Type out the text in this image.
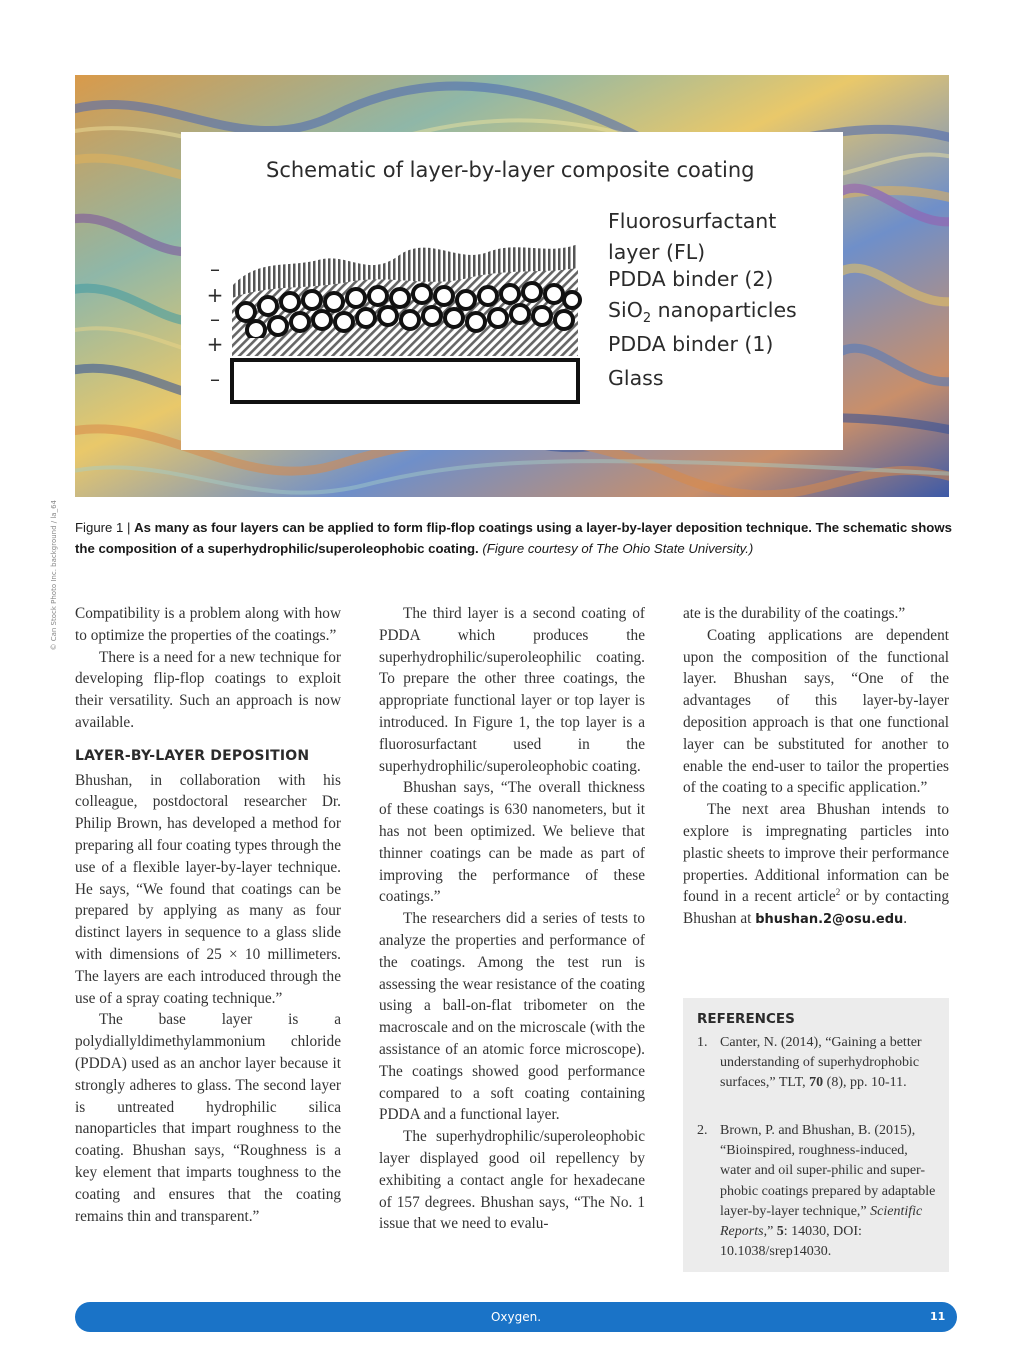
© Can Stock Photo Inc. background / la_64
Schematic of layer-by-layer composite coating
–
+
–
+
–
Fluorosurfactant
layer (FL)
PDDA binder (2)
SiO$_2$ nanoparticles
PDDA binder (1)
Glass
Figure 1 | As many as four layers can be applied to form flip-flop coatings using a layer-by-layer deposition technique. The schematic shows the composition of a superhydrophilic/superoleophobic coating. (Figure courtesy of The Ohio State University.)

Compatibility is a problem along with how to optimize the properties of the coatings.”

There is a need for a new technique for developing flip-flop coatings to exploit their versatility. Such an approach is now available.

LAYER-BY-LAYER DEPOSITION

Bhushan, in collaboration with his colleague, postdoctoral researcher Dr. Philip Brown, has developed a method for preparing all four coating types through the use of a flexible layer-by-layer technique. He says, “We found that coatings can be prepared by applying as many as four distinct layers in sequence to a glass slide with dimensions of 25 × 10 millimeters. The layers are each introduced through the use of a spray coating technique.”

The base layer is a polydiallyldimethylammonium chloride (PDDA) used as an anchor layer because it strongly adheres to glass. The second layer is untreated hydrophilic silica nanoparticles that impart roughness to the coating. Bhushan says, “Roughness is a key element that imparts toughness to the coating and ensures that the coating remains thin and transparent.”

The third layer is a second coating of PDDA which produces the superhydrophilic/superoleophilic coating. To prepare the other three coatings, the appropriate functional layer or top layer is introduced. In Figure 1, the top layer is a fluorosurfactant used in the superhydrophilic/superoleophobic coating.

Bhushan says, “The overall thickness of these coatings is 630 nanometers, but it has not been optimized. We believe that thinner coatings can be made as part of improving the performance of these coatings.”

The researchers did a series of tests to analyze the properties and performance of the coatings. Among the test run is assessing the wear resistance of the coating using a ball-on-flat tribometer on the macroscale and on the microscale (with the assistance of an atomic force microscope). The coatings showed good performance compared to a soft coating containing PDDA and a functional layer.

The superhydrophilic/superoleophobic layer displayed good oil repellency by exhibiting a contact angle for hexadecane of 157 degrees. Bhushan says, “The No. 1 issue that we need to evalu-

ate is the durability of the coatings.”

Coating applications are dependent upon the composition of the functional layer. Bhushan says, “One of the advantages of this layer-by-layer deposition approach is that one functional layer can be substituted for another to enable the end-user to tailor the properties of the coating to a specific application.”

The next area Bhushan intends to explore is impregnating particles into plastic sheets to improve their performance properties. Additional information can be found in a recent article$^2$ or by contacting Bhushan at bhushan.2@osu.edu.

REFERENCES
1. Canter, N. (2014), “Gaining a better understanding of superhydrophobic surfaces,” TLT, 70 (8), pp. 10-11.
2. Brown, P. and Bhushan, B. (2015), “Bioinspired, roughness-induced, water and oil super-philic and super-phobic coatings prepared by adaptable layer-by-layer technique,” Scientific Reports,” 5: 14030, DOI: 10.1038/srep14030.
Oxygen.	11
